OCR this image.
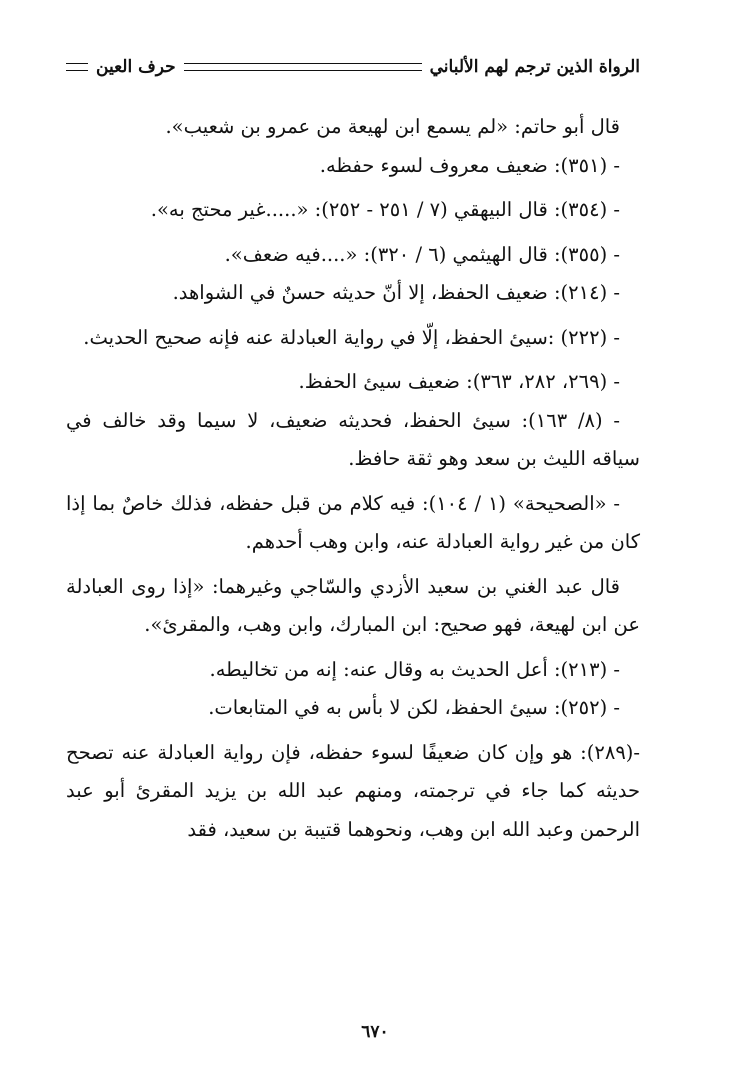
الرواة الذين ترجم لهم الألباني
حرف العين

قال أبو حاتم: «لم يسمع ابن لهيعة من عمرو بن شعيب».

- (٣٥١): ضعيف معروف لسوء حفظه.

- (٣٥٤): قال البيهقي (٧ / ٢٥١ - ٢٥٢): «.....غير محتج به».

- (٣٥٥): قال الهيثمي (٦ / ٣٢٠): «....فيه ضعف».

- (٢١٤): ضعيف الحفظ، إلا أنّ حديثه حسنٌ في الشواهد.

- (٢٢٢) :سيئ الحفظ، إلّا في رواية العبادلة عنه فإنه صحيح الحديث.

- (٢٦٩، ٢٨٢، ٣٦٣): ضعيف سيئ الحفظ.

- (٨/ ١٦٣): سيئ الحفظ، فحديثه ضعيف، لا سيما وقد خالف في سياقه الليث بن سعد وهو ثقة حافظ.

- «الصحيحة» (١ / ١٠٤): فيه كلام من قبل حفظه، فذلك خاصٌ بما إذا كان من غير رواية العبادلة عنه، وابن وهب أحدهم.

قال عبد الغني بن سعيد الأزدي والسّاجي وغيرهما: «إذا روى العبادلة عن ابن لهيعة، فهو صحيح: ابن المبارك، وابن وهب، والمقرئ».

- (٢١٣): أعل الحديث به وقال عنه: إنه من تخاليطه.

- (٢٥٢): سيئ الحفظ، لكن لا بأس به في المتابعات.

-(٢٨٩): هو وإن كان ضعيفًا لسوء حفظه، فإن رواية العبادلة عنه تصحح حديثه كما جاء في ترجمته، ومنهم عبد الله بن يزيد المقرئ أبو عبد الرحمن وعبد الله ابن وهب، ونحوهما قتيبة بن سعيد، فقد

٦٧٠
